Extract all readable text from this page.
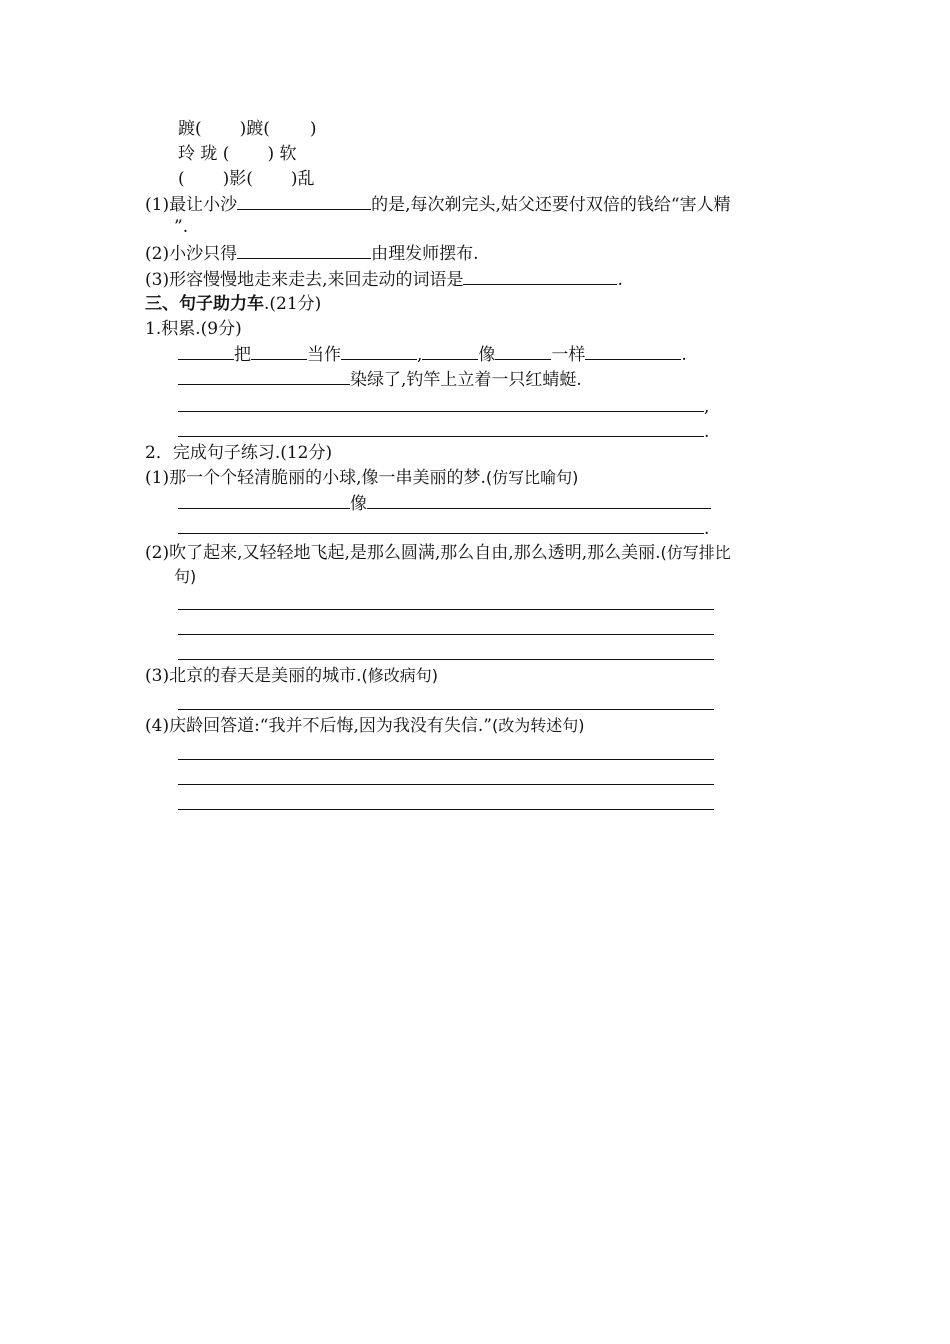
踱( )踱( )
玲 珑 ( ) 软
( )影( )乱
(1)最让小沙	的是,每次剃完头,姑父还要付双倍的钱给“害人精
”.
(2)小沙只得	由理发师摆布.
(3)形容慢慢地走来走去,来回走动的词语是	.
三、句子助力车.(21分)
1.积累.(9分)
把	当作	,	像	一样	.
染绿了,钓竿上立着一只红蜻蜓.
,
.
2．完成句子练习.(12分)
(1)那一个个轻清脆丽的小球,像一串美丽的梦.(仿写比喻句)
像
.
(2)吹了起来,又轻轻地飞起,是那么圆满,那么自由,那么透明,那么美丽.(仿写排比
句)
(3)北京的春天是美丽的城市.(修改病句)
(4)庆龄回答道:“我并不后悔,因为我没有失信.”(改为转述句)
